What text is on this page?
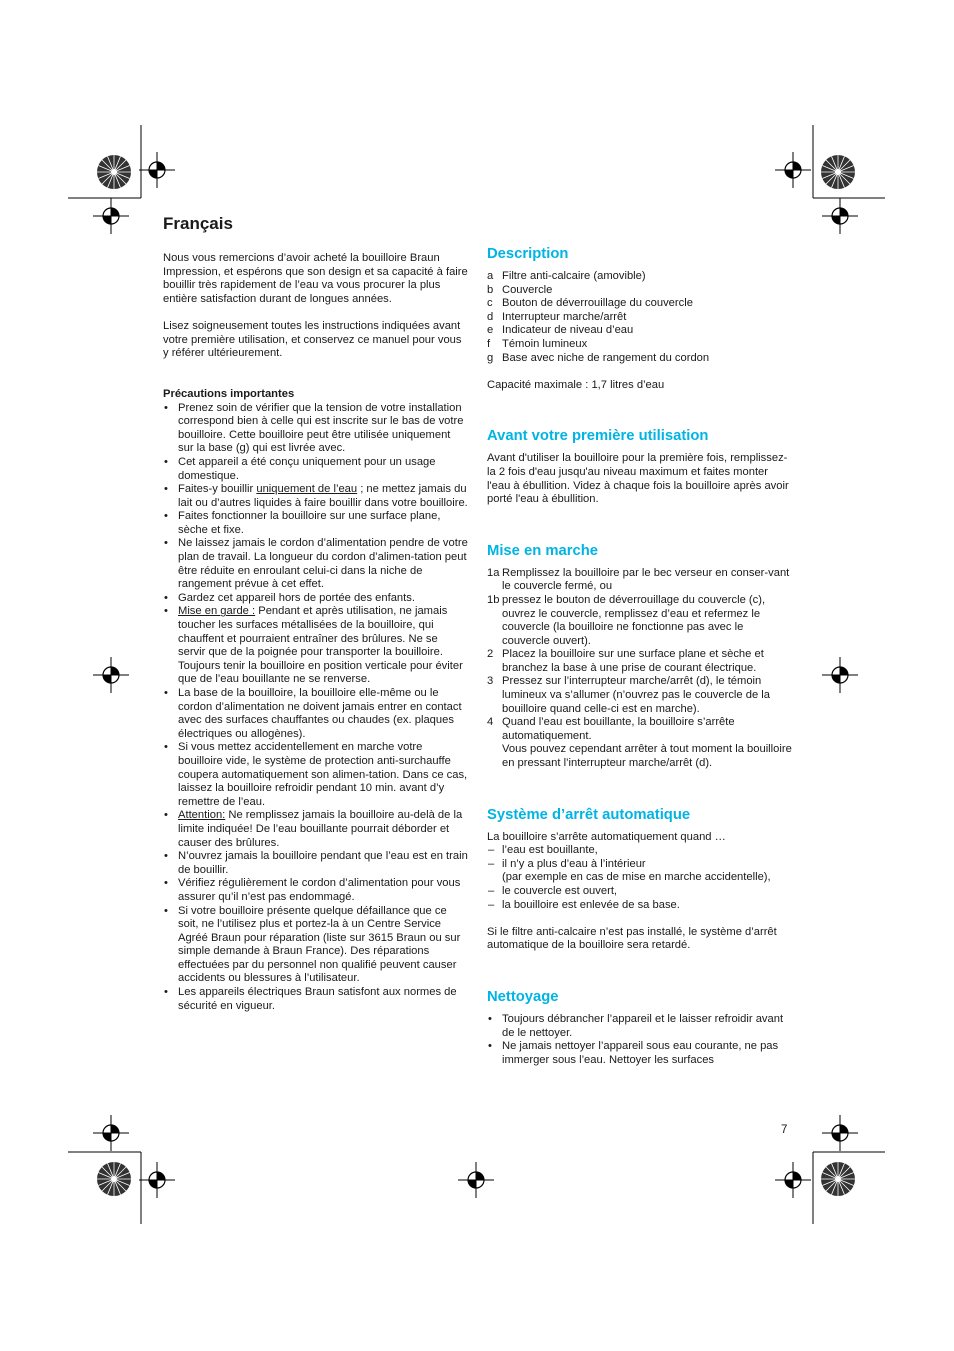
Français

Nous vous remercions d’avoir acheté la bouilloire Braun Impression, et espérons que son design et sa capacité à faire bouillir très rapidement de l’eau va vous procurer la plus entière satisfaction durant de longues années.

Lisez soigneusement toutes les instructions indiquées avant votre première utilisation, et conservez ce manuel pour vous y référer ultérieurement.

Précautions importantes

• Prenez soin de vérifier que la tension de votre installation correspond bien à celle qui est inscrite sur le bas de votre bouilloire. Cette bouilloire peut être utilisée uniquement sur la base (g) qui est livrée avec.
• Cet appareil a été conçu uniquement pour un usage domestique.
• Faites-y bouillir uniquement de l’eau ; ne mettez jamais du lait ou d’autres liquides à faire bouillir dans votre bouilloire.
• Faites fonctionner la bouilloire sur une surface plane, sèche et fixe.
• Ne laissez jamais le cordon d’alimentation pendre de votre plan de travail. La longueur du cordon d’alimen-tation peut être réduite en enroulant celui-ci dans la niche de rangement prévue à cet effet.
• Gardez cet appareil hors de portée des enfants.
• Mise en garde : Pendant et après utilisation, ne jamais toucher les surfaces métallisées de la bouilloire, qui chauffent et pourraient entraîner des brûlures. Ne se servir que de la poignée pour transporter la bouilloire. Toujours tenir la bouilloire en position verticale pour éviter que de l’eau bouillante ne se renverse.
• La base de la bouilloire, la bouilloire elle-même ou le cordon d’alimentation ne doivent jamais entrer en contact avec des surfaces chauffantes ou chaudes (ex. plaques électriques ou allogènes).
• Si vous mettez accidentellement en marche votre bouilloire vide, le système de protection anti-surchauffe coupera automatiquement son alimen-tation. Dans ce cas, laissez la bouilloire refroidir pendant 10 min. avant d’y remettre de l’eau.
• Attention: Ne remplissez jamais la bouilloire au-delà de la limite indiquée! De l’eau bouillante pourrait déborder et causer des brûlures.
• N’ouvrez jamais la bouilloire pendant que l’eau est en train de bouillir.
• Vérifiez régulièrement le cordon d’alimentation pour vous assurer qu’il n’est pas endommagé.
• Si votre bouilloire présente quelque défaillance que ce soit, ne l’utilisez plus et portez-la à un Centre Service Agréé Braun pour réparation (liste sur 3615 Braun ou sur simple demande à Braun France). Des réparations effectuées par du personnel non qualifié peuvent causer accidents ou blessures à l’utilisateur.
• Les appareils électriques Braun satisfont aux normes de sécurité en vigueur.
Description
a Filtre anti-calcaire (amovible)
b Couvercle
c Bouton de déverrouillage du couvercle
d Interrupteur marche/arrêt
e Indicateur de niveau d’eau
f	Témoin lumineux
g Base avec niche de rangement du cordon

Capacité maximale : 1,7 litres d’eau

Avant votre première utilisation

Avant d'utiliser la bouilloire pour la première fois, remplissez-la 2 fois d'eau jusqu'au niveau maximum et faites monter l'eau à ébullition. Videz à chaque fois la bouilloire après avoir porté l'eau à ébullition.

Mise en marche
1a Remplissez la bouilloire par le bec verseur en conser-vant le couvercle fermé, ou
1b pressez le bouton de déverrouillage du couvercle (c), ouvrez le couvercle, remplissez d’eau et refermez le couvercle (la bouilloire ne fonctionne pas avec le couvercle ouvert).
2 Placez la bouilloire sur une surface plane et sèche et branchez la base à une prise de courant électrique.
3 Pressez sur l’interrupteur marche/arrêt (d), le témoin lumineux va s’allumer (n’ouvrez pas le couvercle de la bouilloire quand celle-ci est en marche).
4 Quand l’eau est bouillante, la bouilloire s’arrête automatiquement.
Vous pouvez cependant arrêter à tout moment la bouilloire en pressant l’interrupteur marche/arrêt (d).
Système d’arrêt automatique

La bouilloire s’arrête automatiquement quand …

– l’eau est bouillante,
– il n’y a plus d’eau à l’intérieur
(par exemple en cas de mise en marche accidentelle),
– le couvercle est ouvert,
– la bouilloire est enlevée de sa base.

Si le filtre anti-calcaire n’est pas installé, le système d’arrêt automatique de la bouilloire sera retardé.

Nettoyage
• Toujours débrancher l’appareil et le laisser refroidir avant de le nettoyer.
• Ne jamais nettoyer l’appareil sous eau courante, ne pas immerger sous l’eau. Nettoyer les surfaces
7
